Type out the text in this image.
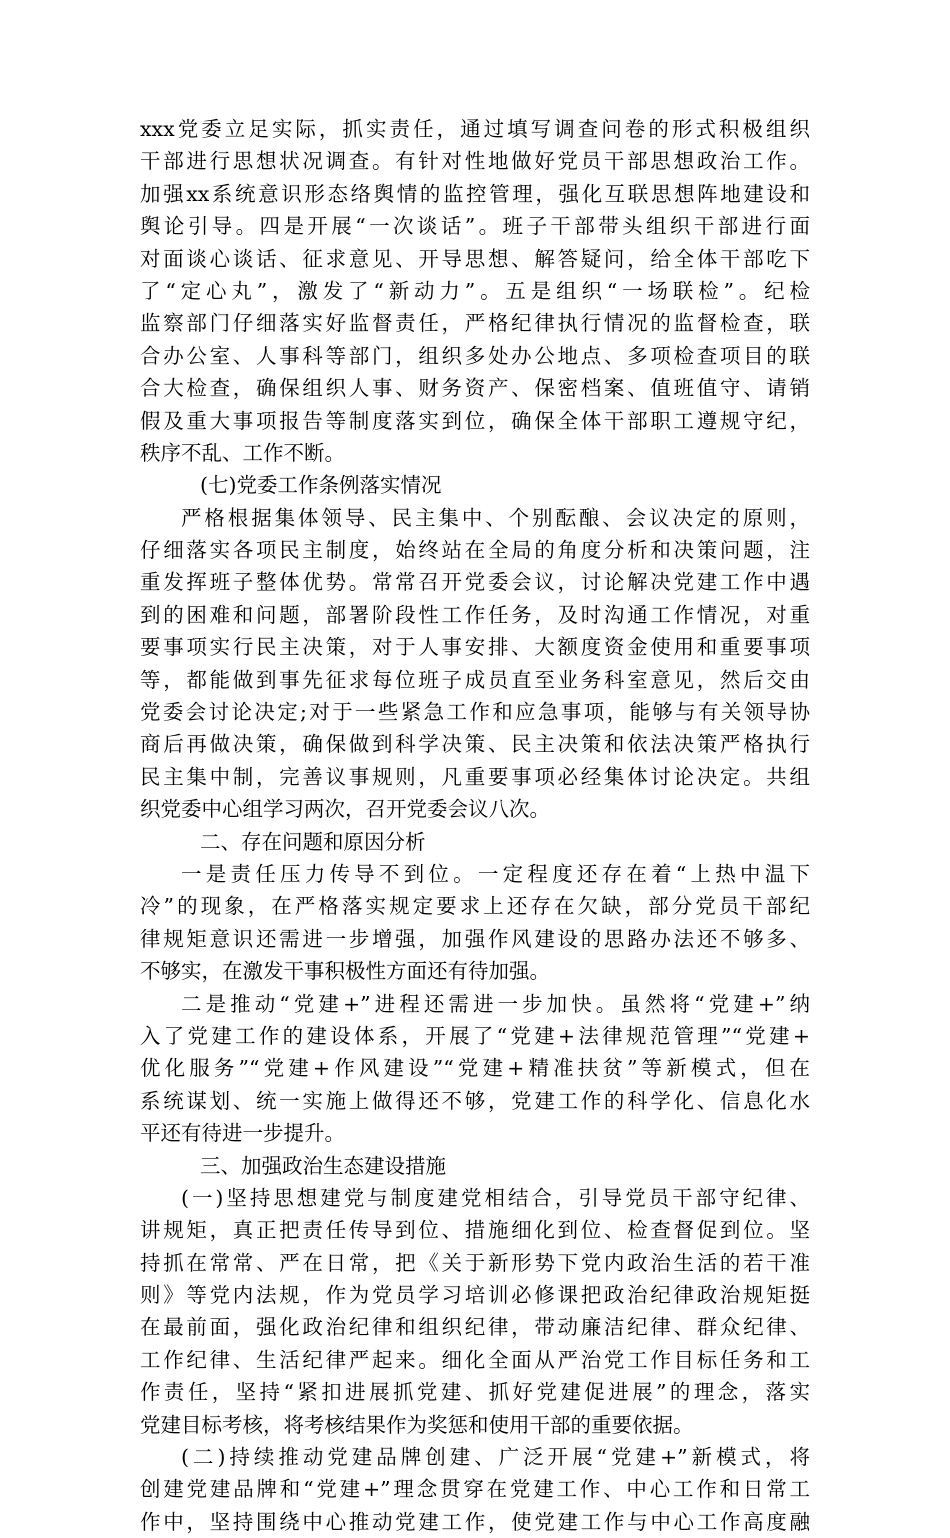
xxx党委立足实际，抓实责任，通过填写调查问卷的形式积极组织
干部进行思想状况调查。有针对性地做好党员干部思想政治工作。
加强xx系统意识形态络舆情的监控管理，强化互联思想阵地建设和
舆论引导。四是开展“一次谈话”。班子干部带头组织干部进行面
对面谈心谈话、征求意见、开导思想、解答疑问，给全体干部吃下
了“定心丸”，激发了“新动力”。五是组织“一场联检”。纪检
监察部门仔细落实好监督责任，严格纪律执行情况的监督检查，联
合办公室、人事科等部门，组织多处办公地点、多项检查项目的联
合大检查，确保组织人事、财务资产、保密档案、值班值守、请销
假及重大事项报告等制度落实到位，确保全体干部职工遵规守纪，
秩序不乱、工作不断。
(七)党委工作条例落实情况
严格根据集体领导、民主集中、个别酝酿、会议决定的原则，
仔细落实各项民主制度，始终站在全局的角度分析和决策问题，注
重发挥班子整体优势。常常召开党委会议，讨论解决党建工作中遇
到的困难和问题，部署阶段性工作任务，及时沟通工作情况，对重
要事项实行民主决策，对于人事安排、大额度资金使用和重要事项
等，都能做到事先征求每位班子成员直至业务科室意见，然后交由
党委会讨论决定;对于一些紧急工作和应急事项，能够与有关领导协
商后再做决策，确保做到科学决策、民主决策和依法决策严格执行
民主集中制，完善议事规则，凡重要事项必经集体讨论决定。共组
织党委中心组学习两次，召开党委会议八次。
二、存在问题和原因分析
一是责任压力传导不到位。一定程度还存在着“上热中温下
冷”的现象，在严格落实规定要求上还存在欠缺，部分党员干部纪
律规矩意识还需进一步增强，加强作风建设的思路办法还不够多、
不够实，在激发干事积极性方面还有待加强。
二是推动“党建+”进程还需进一步加快。虽然将“党建+”纳
入了党建工作的建设体系，开展了“党建+法律规范管理”“党建+
优化服务”“党建+作风建设”“党建+精准扶贫”等新模式，但在
系统谋划、统一实施上做得还不够，党建工作的科学化、信息化水
平还有待进一步提升。
三、加强政治生态建设措施
(一)坚持思想建党与制度建党相结合，引导党员干部守纪律、
讲规矩，真正把责任传导到位、措施细化到位、检查督促到位。坚
持抓在常常、严在日常，把《关于新形势下党内政治生活的若干准
则》等党内法规，作为党员学习培训必修课把政治纪律政治规矩挺
在最前面，强化政治纪律和组织纪律，带动廉洁纪律、群众纪律、
工作纪律、生活纪律严起来。细化全面从严治党工作目标任务和工
作责任，坚持“紧扣进展抓党建、抓好党建促进展”的理念，落实
党建目标考核，将考核结果作为奖惩和使用干部的重要依据。
(二)持续推动党建品牌创建、广泛开展“党建+”新模式，将
创建党建品牌和“党建+”理念贯穿在党建工作、中心工作和日常工
作中，坚持围绕中心推动党建工作，使党建工作与中心工作高度融
